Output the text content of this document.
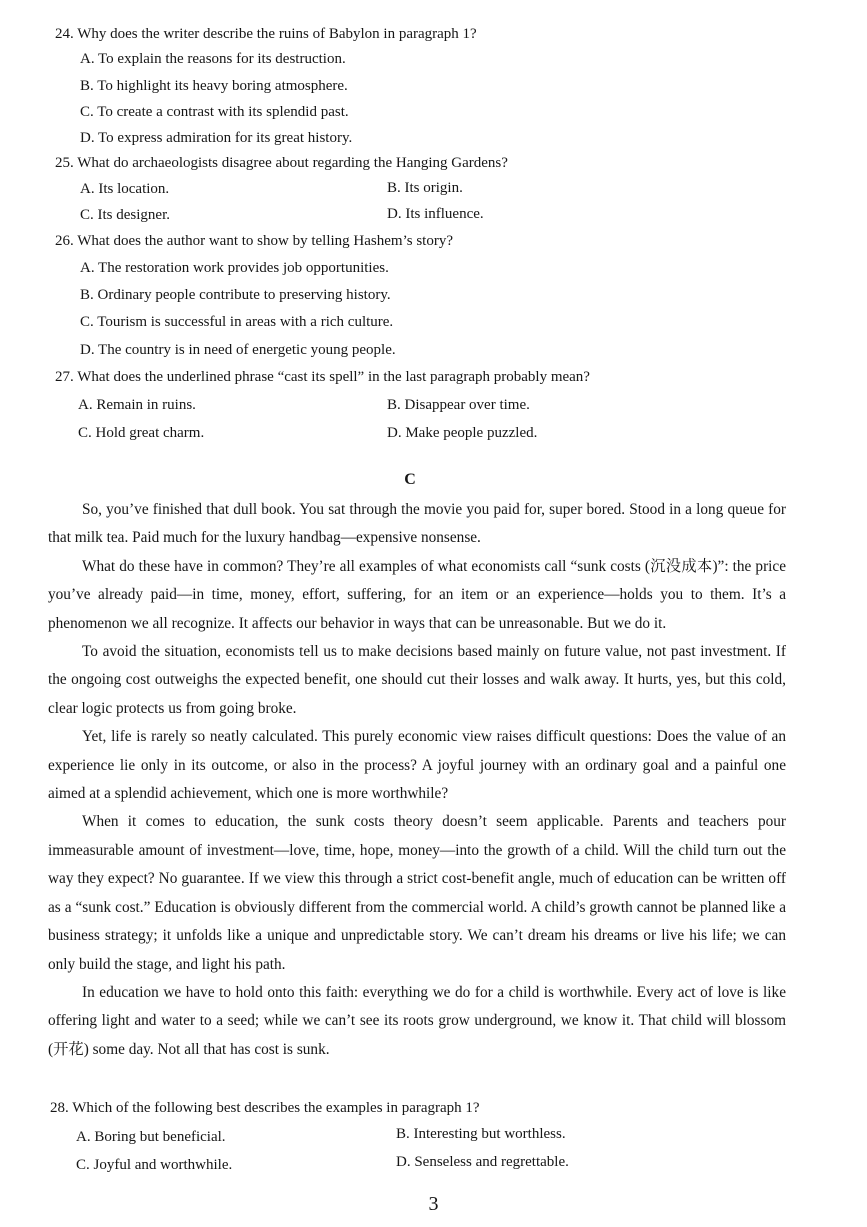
24. Why does the writer describe the ruins of Babylon in paragraph 1?
A. To explain the reasons for its destruction.
B. To highlight its heavy boring atmosphere.
C. To create a contrast with its splendid past.
D. To express admiration for its great history.
25. What do archaeologists disagree about regarding the Hanging Gardens?
A. Its location.	B. Its origin.
C. Its designer.	D. Its influence.
26. What does the author want to show by telling Hashem’s story?
A. The restoration work provides job opportunities.
B. Ordinary people contribute to preserving history.
C. Tourism is successful in areas with a rich culture.
D. The country is in need of energetic young people.
27. What does the underlined phrase “cast its spell” in the last paragraph probably mean?
A. Remain in ruins.	B. Disappear over time.
C. Hold great charm.	D. Make people puzzled.
C

So, you’ve finished that dull book. You sat through the movie you paid for, super bored. Stood in a long queue for that milk tea. Paid much for the luxury handbag—expensive nonsense.

What do these have in common? They’re all examples of what economists call “sunk costs (沉没成本)”: the price you’ve already paid—in time, money, effort, suffering, for an item or an experience—holds you to them. It’s a phenomenon we all recognize. It affects our behavior in ways that can be unreasonable. But we do it.

To avoid the situation, economists tell us to make decisions based mainly on future value, not past investment. If the ongoing cost outweighs the expected benefit, one should cut their losses and walk away. It hurts, yes, but this cold, clear logic protects us from going broke.

Yet, life is rarely so neatly calculated. This purely economic view raises difficult questions: Does the value of an experience lie only in its outcome, or also in the process? A joyful journey with an ordinary goal and a painful one aimed at a splendid achievement, which one is more worthwhile?

When it comes to education, the sunk costs theory doesn’t seem applicable. Parents and teachers pour immeasurable amount of investment—love, time, hope, money—into the growth of a child. Will the child turn out the way they expect? No guarantee. If we view this through a strict cost-benefit angle, much of education can be written off as a “sunk cost.” Education is obviously different from the commercial world. A child’s growth cannot be planned like a business strategy; it unfolds like a unique and unpredictable story. We can’t dream his dreams or live his life; we can only build the stage, and light his path.

In education we have to hold onto this faith: everything we do for a child is worthwhile. Every act of love is like offering light and water to a seed; while we can’t see its roots grow underground, we know it. That child will blossom (开花) some day. Not all that has cost is sunk.

28. Which of the following best describes the examples in paragraph 1?
A. Boring but beneficial.	B. Interesting but worthless.
C. Joyful and worthwhile.	D. Senseless and regrettable.
3
